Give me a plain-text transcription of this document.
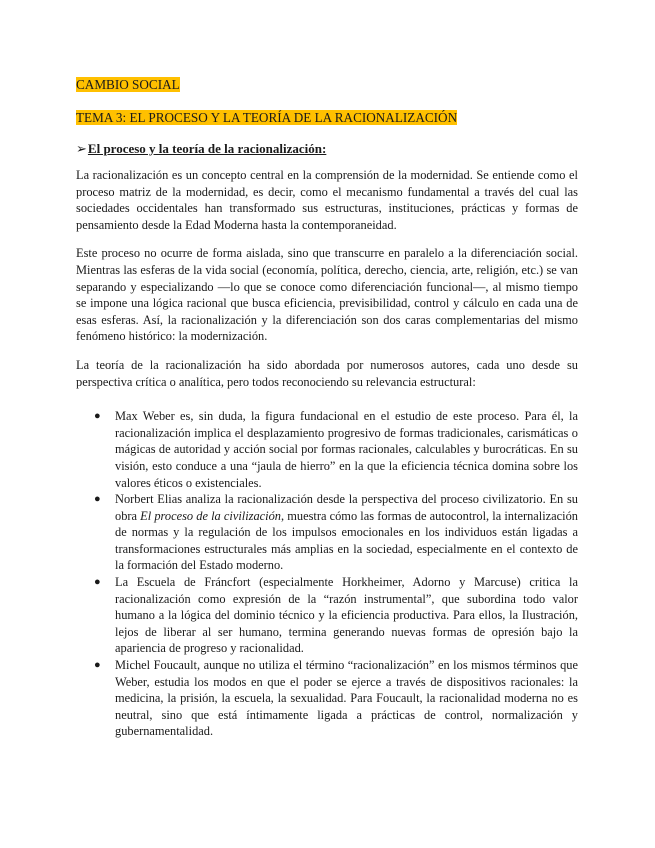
CAMBIO SOCIAL
TEMA 3: EL PROCESO Y LA TEORÍA DE LA RACIONALIZACIÓN
➢El proceso y la teoría de la racionalización:

La racionalización es un concepto central en la comprensión de la modernidad. Se entiende como el proceso matriz de la modernidad, es decir, como el mecanismo fundamental a través del cual las sociedades occidentales han transformado sus estructuras, instituciones, prácticas y formas de pensamiento desde la Edad Moderna hasta la contemporaneidad.

Este proceso no ocurre de forma aislada, sino que transcurre en paralelo a la diferenciación social. Mientras las esferas de la vida social (economía, política, derecho, ciencia, arte, religión, etc.) se van separando y especializando —lo que se conoce como diferenciación funcional—, al mismo tiempo se impone una lógica racional que busca eficiencia, previsibilidad, control y cálculo en cada una de esas esferas. Así, la racionalización y la diferenciación son dos caras complementarias del mismo fenómeno histórico: la modernización.

La teoría de la racionalización ha sido abordada por numerosos autores, cada uno desde su perspectiva crítica o analítica, pero todos reconociendo su relevancia estructural:

● Max Weber es, sin duda, la figura fundacional en el estudio de este proceso. Para él, la racionalización implica el desplazamiento progresivo de formas tradicionales, carismáticas o mágicas de autoridad y acción social por formas racionales, calculables y burocráticas. En su visión, esto conduce a una “jaula de hierro” en la que la eficiencia técnica domina sobre los valores éticos o existenciales.
● Norbert Elias analiza la racionalización desde la perspectiva del proceso civilizatorio. En su obra El proceso de la civilización, muestra cómo las formas de autocontrol, la internalización de normas y la regulación de los impulsos emocionales en los individuos están ligadas a transformaciones estructurales más amplias en la sociedad, especialmente en el contexto de la formación del Estado moderno.
● La Escuela de Fráncfort (especialmente Horkheimer, Adorno y Marcuse) critica la racionalización como expresión de la “razón instrumental”, que subordina todo valor humano a la lógica del dominio técnico y la eficiencia productiva. Para ellos, la Ilustración, lejos de liberar al ser humano, termina generando nuevas formas de opresión bajo la apariencia de progreso y racionalidad.
● Michel Foucault, aunque no utiliza el término “racionalización” en los mismos términos que Weber, estudia los modos en que el poder se ejerce a través de dispositivos racionales: la medicina, la prisión, la escuela, la sexualidad. Para Foucault, la racionalidad moderna no es neutral, sino que está íntimamente ligada a prácticas de control, normalización y gubernamentalidad.
